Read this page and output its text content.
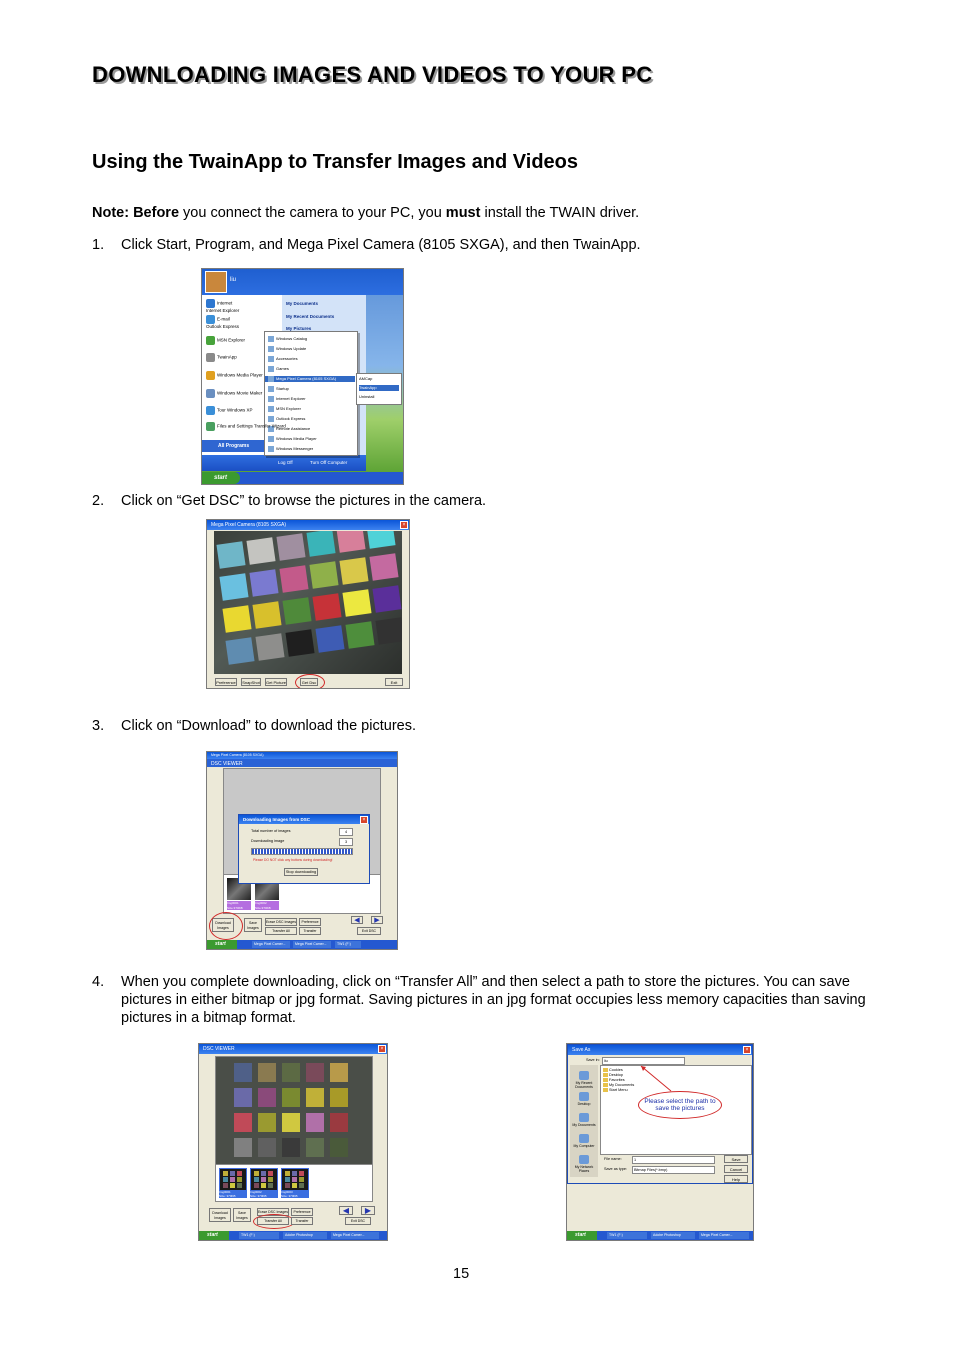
DOWNLOADING IMAGES AND VIDEOS TO YOUR PC
Using the TwainApp to Transfer Images and Videos
Note: Before you connect the camera to your PC, you must install the TWAIN driver.
1. Click Start, Program, and Mega Pixel Camera (8105 SXGA), and then TwainApp.
liu
My Documents
My Recent Documents
My Pictures
All Programs
Log Off	Turn Off Computer
start
Windows Catalog
Windows Update
Accessories
Games
Mega Pixel Camera (8105 SXGA)
Startup
Internet Explorer
MSN Explorer
Outlook Express
Remote Assistance
Windows Media Player
Windows Messenger
AMCap
TwainApp
Uninstall
Internet
Internet Explorer
E-mail
Outlook Express
MSN Explorer
TwainApp
Windows Media Player
Windows Movie Maker
Tour Windows XP
Files and Settings Transfer Wizard
2. Click on “Get DSC” to browse the pictures in the camera.
Mega Pixel Camera (8105 SXGA)	×
Preference	SnapShot	Get Picture	Get Dsc	Exit
3. Click on “Download” to download the pictures.
Mega Pixel Camera (8105 SXGA)
DSC VIEWER
Img0001
Size:370KB
Img0002
Size:370KB
Downloading Images from DSC	×
Total number of images	4
Downloading image	3
Please DO NOT click any buttons during downloading!
Stop downloading
Download
Images
Save
Images
Erase DSC Images	Preference
Transfer All	Transfer
◀	▶
Exit DSC
start	Mega Pixel Camer...	Mega Pixel Camer...	TW1 (F:)
4. When you complete downloading, click on “Transfer All” and then select a path to store the pictures. You can save pictures in either bitmap or jpg format. Saving pictures in an jpg format occupies less memory capacities than saving pictures in a bitmap format.
DSC VIEWER	×
Img0001
Size: 370KB
Img0002
Size: 370KB
Img0003
Size: 370KB
Download
Images
Save
Images
Erase DSC Images	Preference
Transfer All	Transfer
◀	▶
Exit DSC
start	TW1 (F:)	Adobe Photoshop	Mega Pixel Camer...
Save As	×
Save in:	liu
My Recent
Documents
Desktop
My Documents
My Computer
My Network
Places
Cookies
Desktop
Favorites
My Documents
Start Menu
Please select the path to save the pictures
File name:	1
Save as type:	Bitmap Files(*.bmp)
Save
Cancel
Help
start	TW1 (F:)	Adobe Photoshop	Mega Pixel Camer...
15
